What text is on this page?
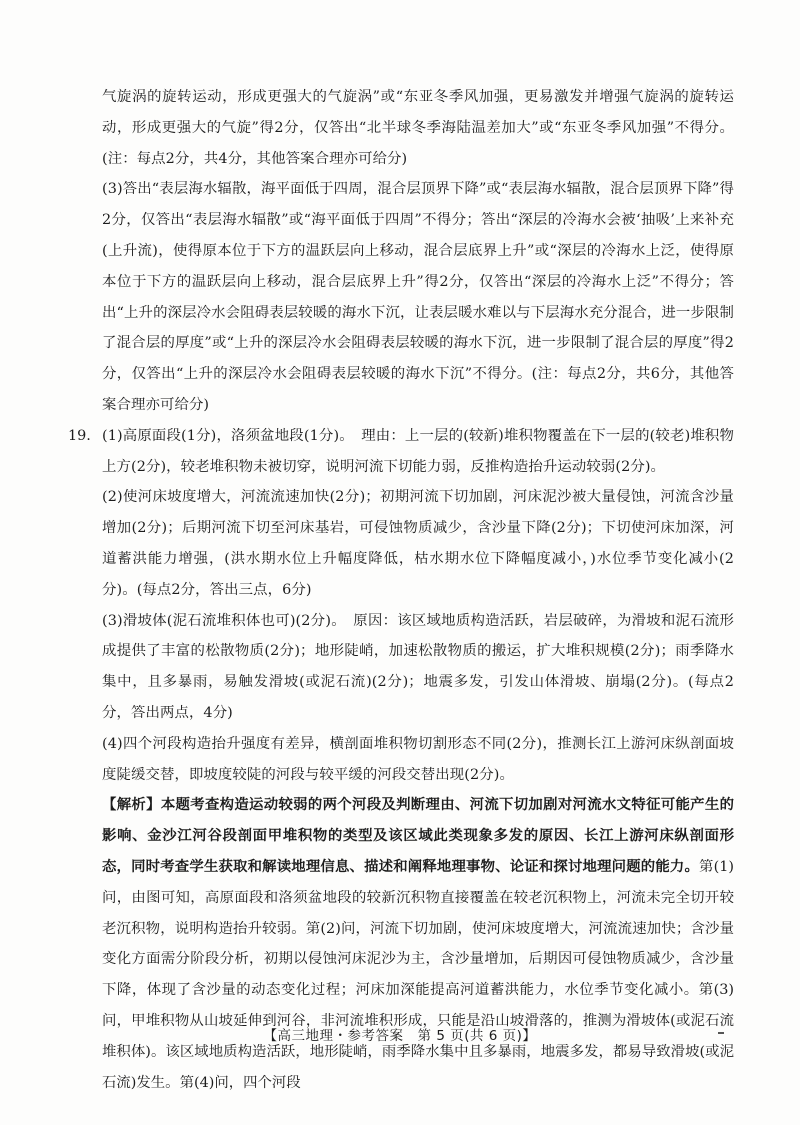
气旋涡的旋转运动，形成更强大的气旋涡”或“东亚冬季风加强，更易激发并增强气旋涡的旋转运动，形成更强大的气旋”得2分，仅答出“北半球冬季海陆温差加大”或“东亚冬季风加强”不得分。(注：每点2分，共4分，其他答案合理亦可给分)

(3)答出“表层海水辐散，海平面低于四周，混合层顶界下降”或“表层海水辐散，混合层顶界下降”得2分，仅答出“表层海水辐散”或“海平面低于四周”不得分；答出“深层的冷海水会被‘抽吸’上来补充(上升流)，使得原本位于下方的温跃层向上移动，混合层底界上升”或“深层的冷海水上泛，使得原本位于下方的温跃层向上移动，混合层底界上升”得2分，仅答出“深层的冷海水上泛”不得分；答出“上升的深层冷水会阻碍表层较暖的海水下沉，让表层暖水难以与下层海水充分混合，进一步限制了混合层的厚度”或“上升的深层冷水会阻碍表层较暖的海水下沉，进一步限制了混合层的厚度”得2分，仅答出“上升的深层冷水会阻碍表层较暖的海水下沉”不得分。(注：每点2分，共6分，其他答案合理亦可给分)

19. (1)高原面段(1分)，洛须盆地段(1分)。　理由：上一层的(较新)堆积物覆盖在下一层的(较老)堆积物上方(2分)，较老堆积物未被切穿，说明河流下切能力弱，反推构造抬升运动较弱(2分)。

(2)使河床坡度增大，河流流速加快(2分)；初期河流下切加剧，河床泥沙被大量侵蚀，河流含沙量增加(2分)；后期河流下切至河床基岩，可侵蚀物质减少，含沙量下降(2分)；下切使河床加深，河道蓄洪能力增强，(洪水期水位上升幅度降低，枯水期水位下降幅度减小，)水位季节变化减小(2分)。(每点2分，答出三点，6分)

(3)滑坡体(泥石流堆积体也可)(2分)。　原因：该区域地质构造活跃，岩层破碎，为滑坡和泥石流形成提供了丰富的松散物质(2分)；地形陡峭，加速松散物质的搬运，扩大堆积规模(2分)；雨季降水集中，且多暴雨，易触发滑坡(或泥石流)(2分)；地震多发，引发山体滑坡、崩塌(2分)。(每点2分，答出两点，4分)

(4)四个河段构造抬升强度有差异，横剖面堆积物切割形态不同(2分)，推测长江上游河床纵剖面坡度陡缓交替，即坡度较陡的河段与较平缓的河段交替出现(2分)。

【解析】本题考查构造运动较弱的两个河段及判断理由、河流下切加剧对河流水文特征可能产生的影响、金沙江河谷段剖面甲堆积物的类型及该区域此类现象多发的原因、长江上游河床纵剖面形态，同时考查学生获取和解读地理信息、描述和阐释地理事物、论证和探讨地理问题的能力。第(1)问，由图可知，高原面段和洛须盆地段的较新沉积物直接覆盖在较老沉积物上，河流未完全切开较老沉积物，说明构造抬升较弱。第(2)问，河流下切加剧，使河床坡度增大，河流流速加快；含沙量变化方面需分阶段分析，初期以侵蚀河床泥沙为主，含沙量增加，后期因可侵蚀物质减少，含沙量下降，体现了含沙量的动态变化过程；河床加深能提高河道蓄洪能力，水位季节变化减小。第(3)问，甲堆积物从山坡延伸到河谷，非河流堆积形成，只能是沿山坡滑落的，推测为滑坡体(或泥石流堆积体)。该区域地质构造活跃，地形陡峭，雨季降水集中且多暴雨，地震多发，都易导致滑坡(或泥石流)发生。第(4)问，四个河段

【高三地理・参考答案　第 5 页(共 6 页)】
